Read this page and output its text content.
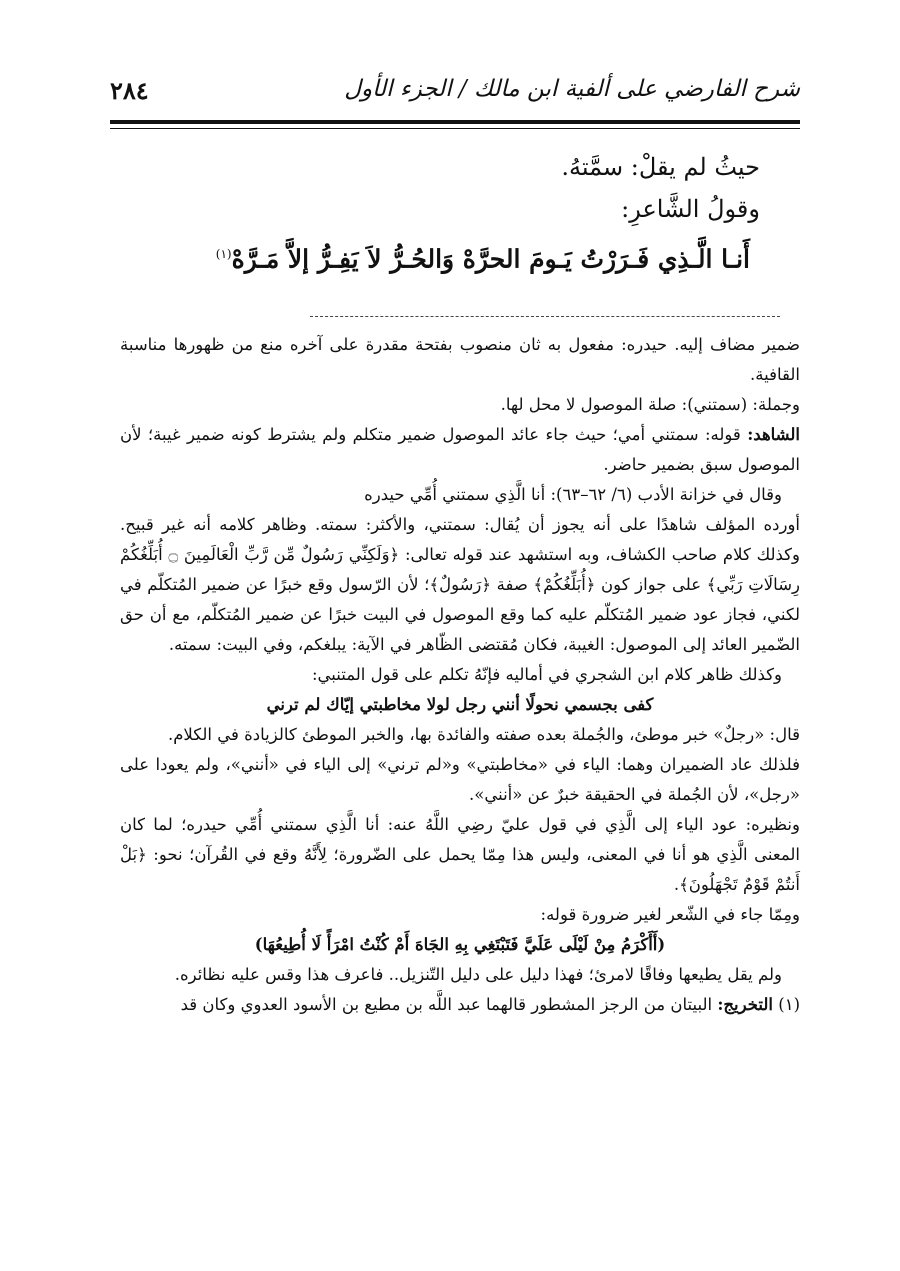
شرح الفارضي على ألفية ابن مالك / الجزء الأول
٢٨٤
حيثُ لم يقلْ: سمَّتهُ.
وقولُ الشَّاعرِ:
أَنـا الَّـذِي فَـرَرْتُ يَـومَ الحرَّهْ وَالحُـرُّ لاَ يَفِـرُّ إلاَّ مَـرَّهْ$^{(١)}$

ضمير مضاف إليه. حيدره: مفعول به ثان منصوب بفتحة مقدرة على آخره منع من ظهورها مناسبة القافية.

وجملة: (سمتني): صلة الموصول لا محل لها.

الشاهد: قوله: سمتني أمي؛ حيث جاء عائد الموصول ضمير متكلم ولم يشترط كونه ضمير غيبة؛ لأن الموصول سبق بضمير حاضر.

وقال في خزانة الأدب (٦/ ٦٢–٦٣): أنا الَّذِي سمتني أُمِّي حيدره

أورده المؤلف شاهدًا على أنه يجوز أن يُقال: سمتني، والأكثر: سمته. وظاهر كلامه أنه غير قبيح. وكذلك كلام صاحب الكشاف، وبه استشهد عند قوله تعالى: ﴿وَلَكِنِّي رَسُولٌ مِّن رَّبِّ الْعَالَمِينَ ۝ أُبَلِّغُكُمْ رِسَالَاتِ رَبِّي﴾ على جواز كون ﴿أُبَلِّغُكُمْ﴾ صفة ﴿رَسُولٌ﴾؛ لأن الرّسول وقع خبرًا عن ضمير المُتكلّم في لكني، فجاز عود ضمير المُتكلّم عليه كما وقع الموصول في البيت خبرًا عن ضمير المُتكلّم، مع أن حق الضّمير العائد إلى الموصول: الغيبة، فكان مُقتضى الظّاهر في الآية: يبلغكم، وفي البيت: سمته.

وكذلك ظاهر كلام ابن الشجري في أماليه فإنّهُ تكلم على قول المتنبي:

كفى بجسمي نحولًا أنني رجل لولا مخاطبتي إيّاك لم ترني

قال: «رجلٌ» خبر موطئ، والجُملة بعده صفته والفائدة بها، والخبر الموطئ كالزيادة في الكلام.

فلذلك عاد الضميران وهما: الياء في «مخاطبتي» و«لم ترني» إلى الياء في «أنني»، ولم يعودا على «رجل»، لأن الجُملة في الحقيقة خبرٌ عن «أنني».

ونظيره: عود الياء إلى الَّذِي في قول عليّ رضِي اللَّهُ عنه: أنا الَّذِي سمتني أُمِّي حيدره؛ لما كان المعنى الَّذِي هو أنا في المعنى، وليس هذا مِمّا يحمل على الضّرورة؛ لِأَنَّهُ وقع في القُرآن؛ نحو: ﴿بَلْ أَنتُمْ قَوْمٌ تَجْهَلُونَ﴾.

ومِمّا جاء في الشّعر لغير ضرورة قوله:

(أَأَكْرَمُ مِنْ لَيْلَى عَلَيَّ فَتَبْتَغِي بِهِ الجَاهَ أَمْ كُنْتُ امْرَأً لَا أُطِيعُهَا)

ولم يقل يطيعها وفاقًا لامرئ؛ فهذا دليل على دليل التّنزيل.. فاعرف هذا وقس عليه نظائره.

(١) التخريج: البيتان من الرجز المشطور قالهما عبد اللَّه بن مطيع بن الأسود العدوي وكان قد
